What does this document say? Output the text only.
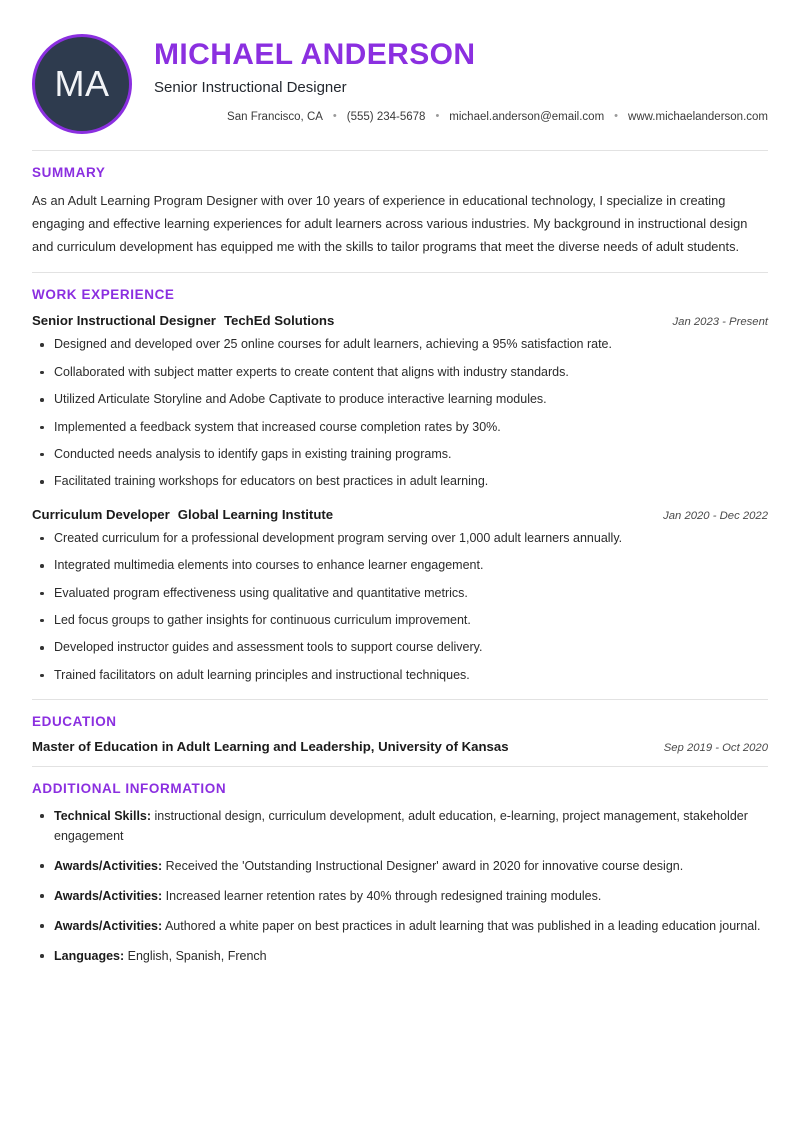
MA
MICHAEL ANDERSON
Senior Instructional Designer
San Francisco, CA • (555) 234-5678 • michael.anderson@email.com • www.michaelanderson.com
SUMMARY

As an Adult Learning Program Designer with over 10 years of experience in educational technology, I specialize in creating engaging and effective learning experiences for adult learners across various industries. My background in instructional design and curriculum development has equipped me with the skills to tailor programs that meet the diverse needs of adult students.

WORK EXPERIENCE
Senior Instructional Designer TechEd Solutions	Jan 2023 - Present
Designed and developed over 25 online courses for adult learners, achieving a 95% satisfaction rate.
Collaborated with subject matter experts to create content that aligns with industry standards.
Utilized Articulate Storyline and Adobe Captivate to produce interactive learning modules.
Implemented a feedback system that increased course completion rates by 30%.
Conducted needs analysis to identify gaps in existing training programs.
Facilitated training workshops for educators on best practices in adult learning.
Curriculum Developer Global Learning Institute	Jan 2020 - Dec 2022
Created curriculum for a professional development program serving over 1,000 adult learners annually.
Integrated multimedia elements into courses to enhance learner engagement.
Evaluated program effectiveness using qualitative and quantitative metrics.
Led focus groups to gather insights for continuous curriculum improvement.
Developed instructor guides and assessment tools to support course delivery.
Trained facilitators on adult learning principles and instructional techniques.
EDUCATION
Master of Education in Adult Learning and Leadership, University of Kansas	Sep 2019 - Oct 2020
ADDITIONAL INFORMATION
Technical Skills: instructional design, curriculum development, adult education, e-learning, project management, stakeholder engagement
Awards/Activities: Received the 'Outstanding Instructional Designer' award in 2020 for innovative course design.
Awards/Activities: Increased learner retention rates by 40% through redesigned training modules.
Awards/Activities: Authored a white paper on best practices in adult learning that was published in a leading education journal.
Languages: English, Spanish, French
